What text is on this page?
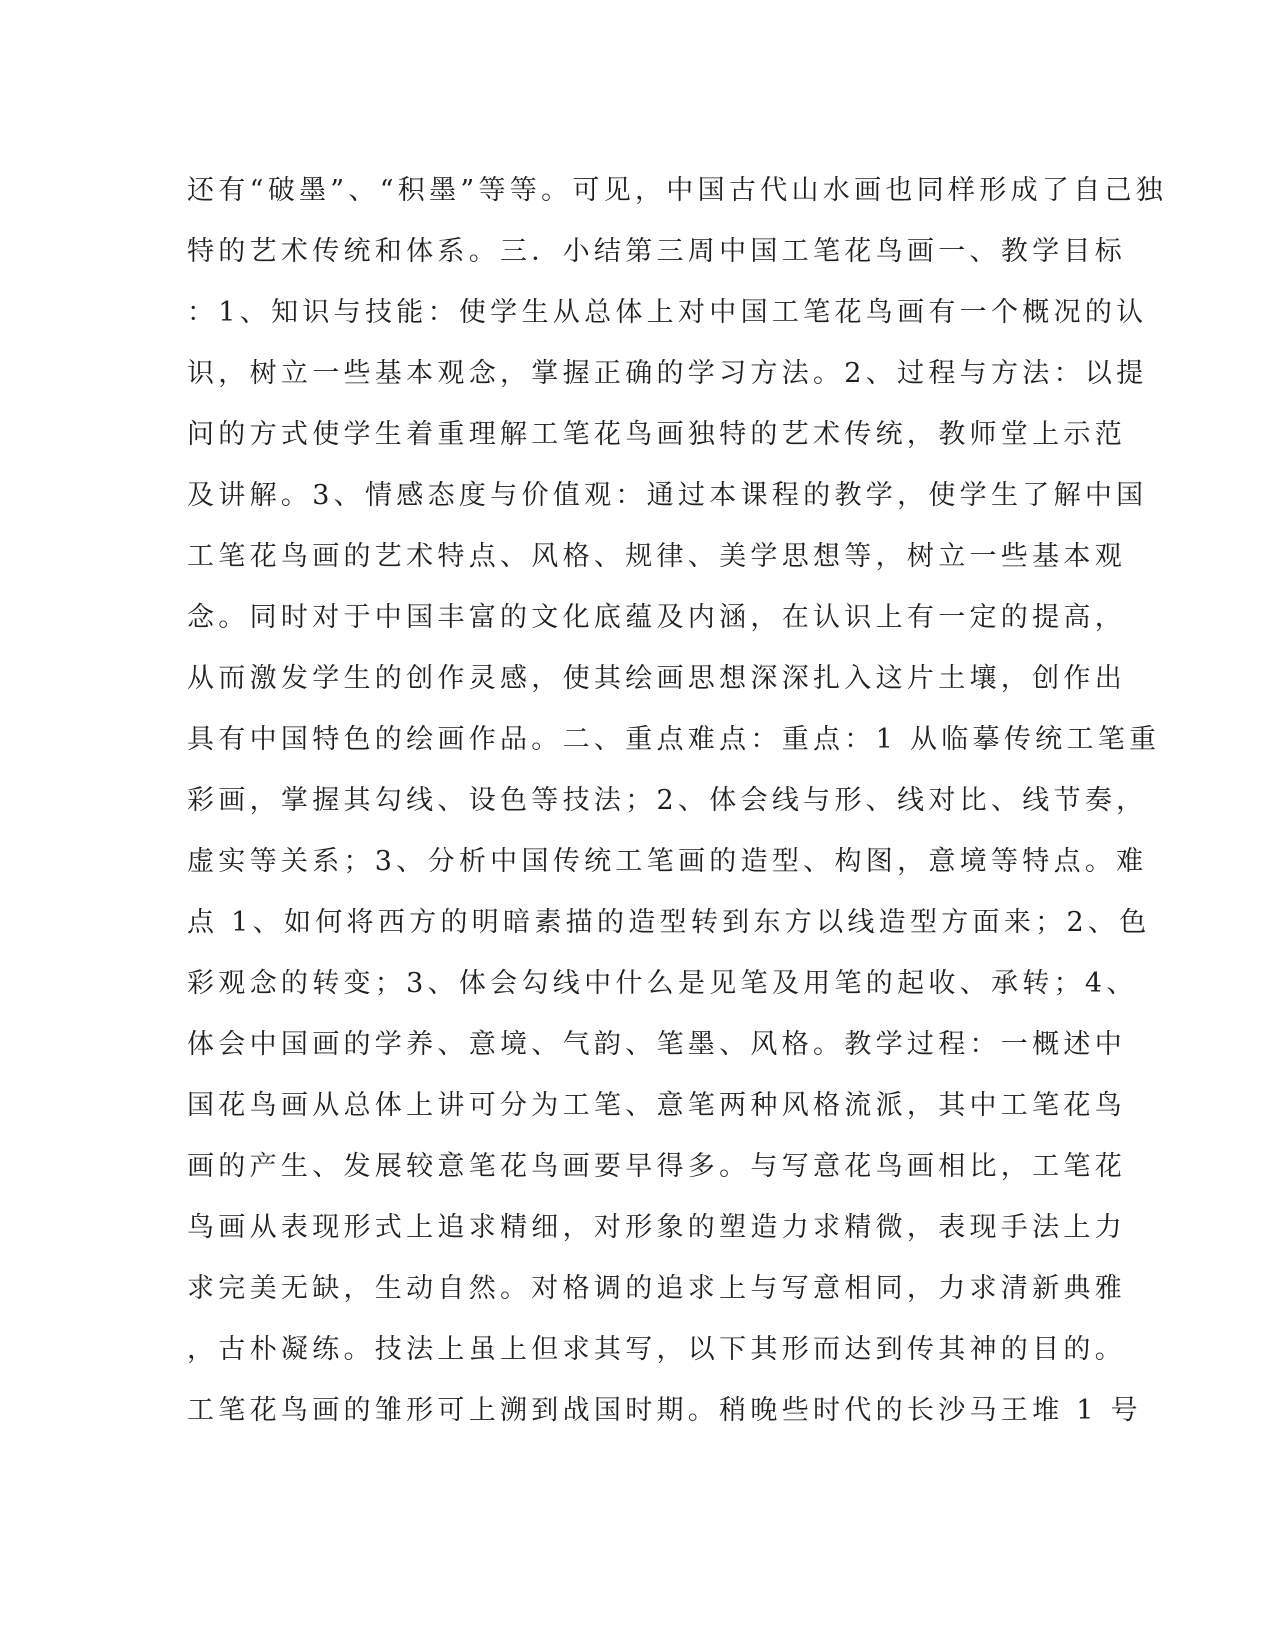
还有“破墨”、“积墨”等等。可见，中国古代山水画也同样形成了自己独
特的艺术传统和体系。三．小结第三周中国工笔花鸟画一、教学目标
：1、知识与技能：使学生从总体上对中国工笔花鸟画有一个概况的认
识，树立一些基本观念，掌握正确的学习方法。2、过程与方法：以提
问的方式使学生着重理解工笔花鸟画独特的艺术传统，教师堂上示范
及讲解。3、情感态度与价值观：通过本课程的教学，使学生了解中国
工笔花鸟画的艺术特点、风格、规律、美学思想等，树立一些基本观
念。同时对于中国丰富的文化底蕴及内涵，在认识上有一定的提高，
从而激发学生的创作灵感，使其绘画思想深深扎入这片土壤，创作出
具有中国特色的绘画作品。二、重点难点：重点：1 从临摹传统工笔重
彩画，掌握其勾线、设色等技法；2、体会线与形、线对比、线节奏，
虚实等关系；3、分析中国传统工笔画的造型、构图，意境等特点。难
点 1、如何将西方的明暗素描的造型转到东方以线造型方面来；2、色
彩观念的转变；3、体会勾线中什么是见笔及用笔的起收、承转；4、
体会中国画的学养、意境、气韵、笔墨、风格。教学过程：一概述中
国花鸟画从总体上讲可分为工笔、意笔两种风格流派，其中工笔花鸟
画的产生、发展较意笔花鸟画要早得多。与写意花鸟画相比，工笔花
鸟画从表现形式上追求精细，对形象的塑造力求精微，表现手法上力
求完美无缺，生动自然。对格调的追求上与写意相同，力求清新典雅
，古朴凝练。技法上虽上但求其写，以下其形而达到传其神的目的。
工笔花鸟画的雏形可上溯到战国时期。稍晚些时代的长沙马王堆 1 号
